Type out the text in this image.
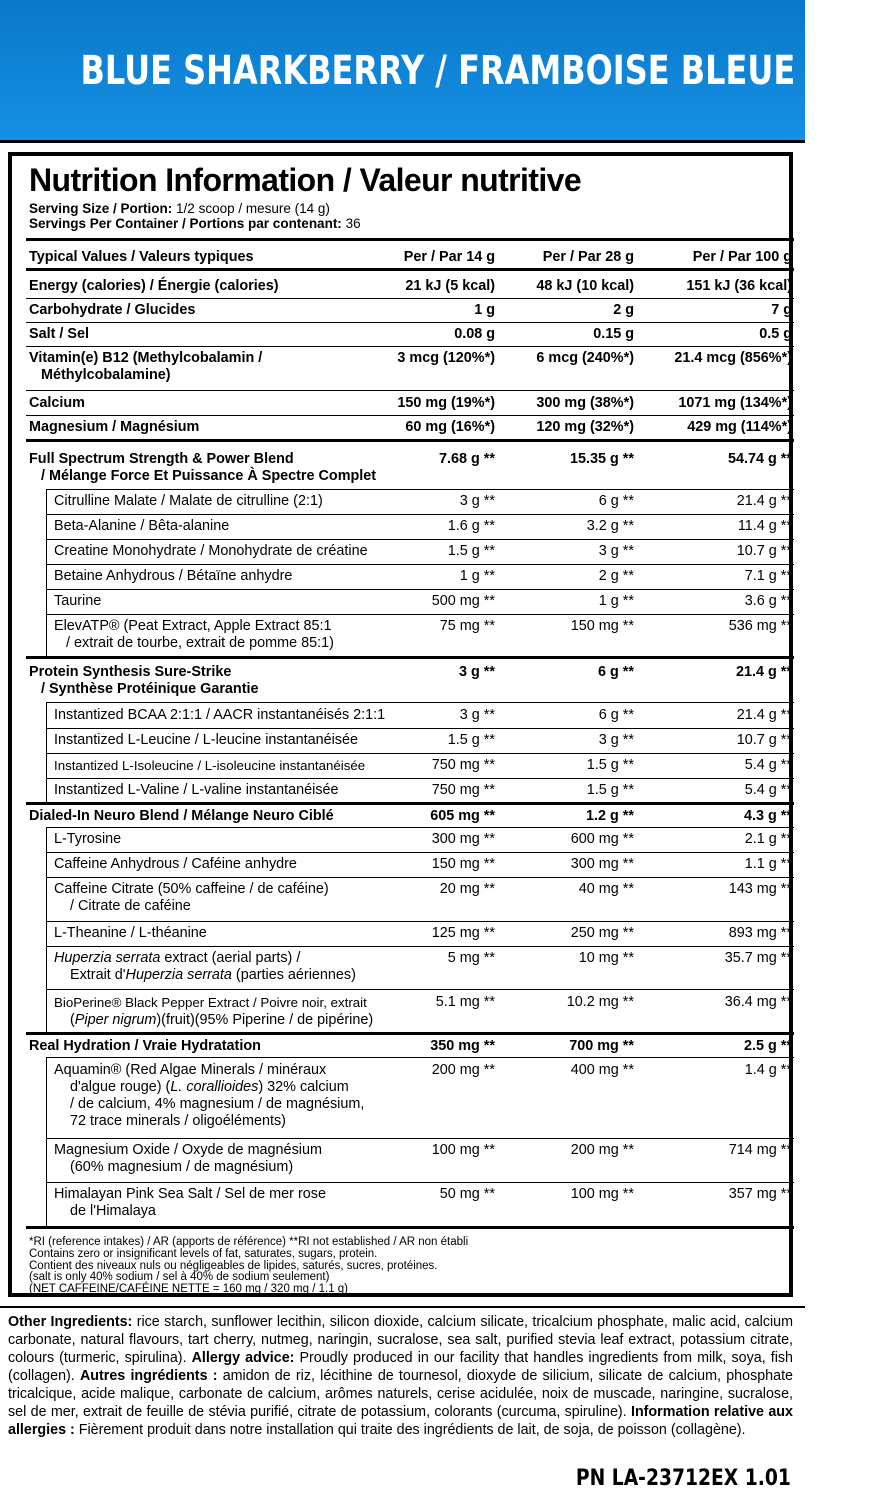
BLUE SHARKBERRY / FRAMBOISE BLEUE VIVE
Nutrition Information / Valeur nutritive
Serving Size / Portion: 1/2 scoop / mesure (14 g)
Servings Per Container / Portions par contenant: 36
Typical Values / Valeurs typiques	Per / Par 14 g	Per / Par 28 g	Per / Par 100 g
Energy (calories) / Énergie (calories)	21 kJ (5 kcal)	48 kJ (10 kcal)	151 kJ (36 kcal)
Carbohydrate / Glucides	1 g	2 g	7 g
Salt / Sel	0.08 g	0.15 g	0.5 g
Vitamin(e) B12 (Methylcobalamin /
Méthylcobalamine)
3 mcg (120%*)	6 mcg (240%*)	21.4 mcg (856%*)
Calcium	150 mg (19%*)	300 mg (38%*)	1071 mg (134%*)
Magnesium / Magnésium	60 mg (16%*)	120 mg (32%*)	429 mg (114%*)
Full Spectrum Strength & Power Blend
/ Mélange Force Et Puissance À Spectre Complet
7.68 g **	15.35 g **	54.74 g **
Citrulline Malate / Malate de citrulline (2:1)	3 g **	6 g **	21.4 g **
Beta-Alanine / Bêta-alanine	1.6 g **	3.2 g **	11.4 g **
Creatine Monohydrate / Monohydrate de créatine	1.5 g **	3 g **	10.7 g **
Betaine Anhydrous / Bétaïne anhydre	1 g **	2 g **	7.1 g **
Taurine	500 mg **	1 g **	3.6 g **
ElevATP® (Peat Extract, Apple Extract 85:1
/ extrait de tourbe, extrait de pomme 85:1)
75 mg **	150 mg **	536 mg **
Protein Synthesis Sure-Strike
/ Synthèse Protéinique Garantie
3 g **	6 g **	21.4 g **
Instantized BCAA 2:1:1 / AACR instantanéisés 2:1:1	3 g **	6 g **	21.4 g **
Instantized L-Leucine / L-leucine instantanéisée	1.5 g **	3 g **	10.7 g **
Instantized L-Isoleucine / L-isoleucine instantanéisée	750 mg **	1.5 g **	5.4 g **
Instantized L-Valine / L-valine instantanéisée	750 mg **	1.5 g **	5.4 g **
Dialed-In Neuro Blend / Mélange Neuro Ciblé	605 mg **	1.2 g **	4.3 g **
L-Tyrosine	300 mg **	600 mg **	2.1 g **
Caffeine Anhydrous / Caféine anhydre	150 mg **	300 mg **	1.1 g **
Caffeine Citrate (50% caffeine / de caféine)
/ Citrate de caféine
20 mg **	40 mg **	143 mg **
L-Theanine / L-théanine	125 mg **	250 mg **	893 mg **
Huperzia serrata extract (aerial parts) /
Extrait d'Huperzia serrata (parties aériennes)
5 mg **	10 mg **	35.7 mg **
BioPerine® Black Pepper Extract / Poivre noir, extrait
(Piper nigrum)(fruit)(95% Piperine / de pipérine)
5.1 mg **	10.2 mg **	36.4 mg **
Real Hydration / Vraie Hydratation	350 mg **	700 mg **	2.5 g **
Aquamin® (Red Algae Minerals / minéraux
d'algue rouge) (L. corallioides) 32% calcium
/ de calcium, 4% magnesium / de magnésium,
72 trace minerals / oligoéléments)
200 mg **	400 mg **	1.4 g **
Magnesium Oxide / Oxyde de magnésium
(60% magnesium / de magnésium)
100 mg **	200 mg **	714 mg **
Himalayan Pink Sea Salt / Sel de mer rose
de l'Himalaya
50 mg **	100 mg **	357 mg **
*RI (reference intakes) / AR (apports de référence) **RI not established / AR non établi
Contains zero or insignificant levels of fat, saturates, sugars, protein.
Contient des niveaux nuls ou négligeables de lipides, saturés, sucres, protéines.
(salt is only 40% sodium / sel à 40% de sodium seulement)
(NET CAFFEINE/CAFÉINE NETTE = 160 mg / 320 mg / 1.1 g)

Other Ingredients: rice starch, sunflower lecithin, silicon dioxide, calcium silicate, tricalcium phosphate, malic acid, calcium carbonate, natural flavours, tart cherry, nutmeg, naringin, sucralose, sea salt, purified stevia leaf extract, potassium citrate, colours (turmeric, spirulina). Allergy advice: Proudly produced in our facility that handles ingredients from milk, soya, fish (collagen). Autres ingrédients : amidon de riz, lécithine de tournesol, dioxyde de silicium, silicate de calcium, phosphate tricalcique, acide malique, carbonate de calcium, arômes naturels, cerise acidulée, noix de muscade, naringine, sucralose, sel de mer, extrait de feuille de stévia purifié, citrate de potassium, colorants (curcuma, spiruline). Information relative aux allergies : Fièrement produit dans notre installation qui traite des ingrédients de lait, de soja, de poisson (collagène).

PN LA-23712EX 1.01
